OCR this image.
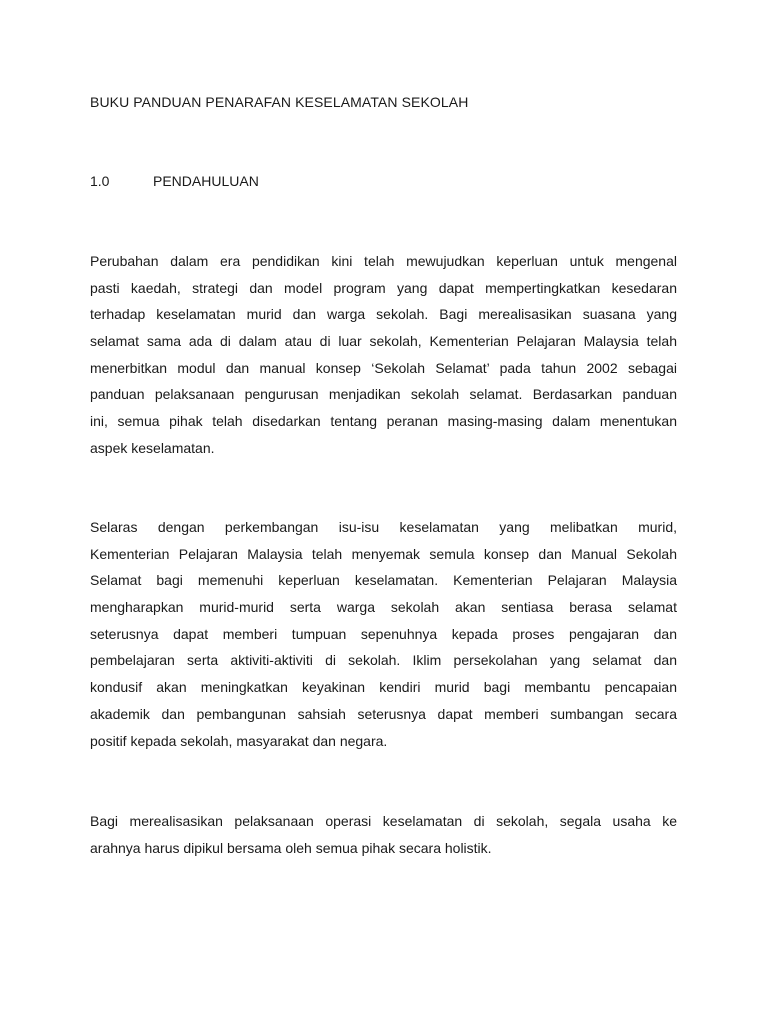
BUKU PANDUAN PENARAFAN KESELAMATAN SEKOLAH
1.0	PENDAHULUAN

Perubahan dalam era pendidikan kini telah mewujudkan keperluan untuk mengenal
pasti kaedah, strategi dan model program yang dapat mempertingkatkan kesedaran
terhadap keselamatan murid dan warga sekolah. Bagi merealisasikan suasana yang
selamat sama ada di dalam atau di luar sekolah, Kementerian Pelajaran Malaysia telah
menerbitkan modul dan manual konsep ‘Sekolah Selamat’ pada tahun 2002 sebagai
panduan pelaksanaan pengurusan menjadikan sekolah selamat. Berdasarkan panduan
ini, semua pihak telah disedarkan tentang peranan masing-masing dalam menentukan
aspek keselamatan.

Selaras dengan perkembangan isu-isu keselamatan yang melibatkan murid,
Kementerian Pelajaran Malaysia telah menyemak semula konsep dan Manual Sekolah
Selamat bagi memenuhi keperluan keselamatan. Kementerian Pelajaran Malaysia
mengharapkan murid-murid serta warga sekolah akan sentiasa berasa selamat
seterusnya dapat memberi tumpuan sepenuhnya kepada proses pengajaran dan
pembelajaran serta aktiviti-aktiviti di sekolah. Iklim persekolahan yang selamat dan
kondusif akan meningkatkan keyakinan kendiri murid bagi membantu pencapaian
akademik dan pembangunan sahsiah seterusnya dapat memberi sumbangan secara
positif kepada sekolah, masyarakat dan negara.

Bagi merealisasikan pelaksanaan operasi keselamatan di sekolah, segala usaha ke
arahnya harus dipikul bersama oleh semua pihak secara holistik.
